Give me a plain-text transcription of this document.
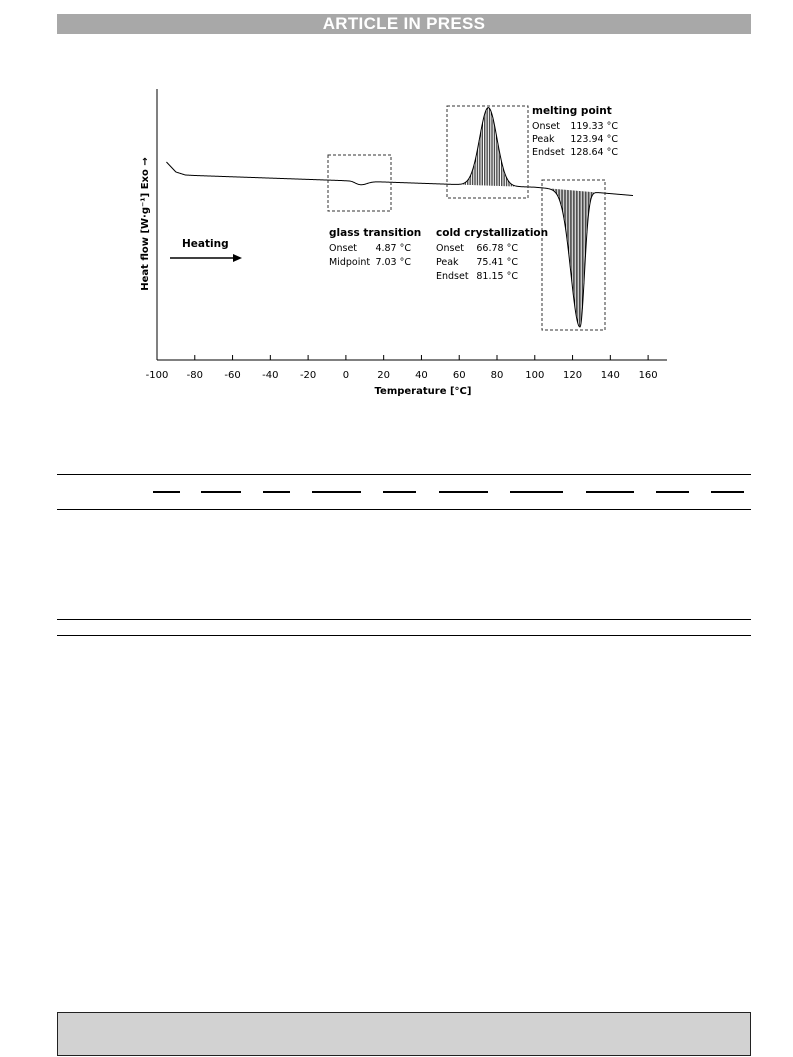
ARTICLE IN PRESS
-100 -80 -60 -40 -20	0	20	40	60	80 100 120 140 160
Temperature [°C]
Heat flow [W·g⁻¹] Exo →	Heating
glass transition
Onset 4.87 °C
Midpoint 7.03 °C
cold crystallization
Onset 66.78 °C
Peak 75.41 °C
Endset 81.15 °C
melting point
Onset 119.33 °C
Peak 123.94 °C
Endset 128.64 °C
